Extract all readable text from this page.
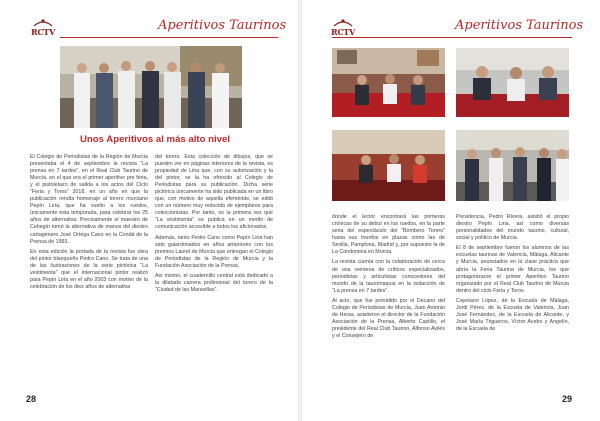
RCTV	Aperitivos Taurinos
Unos Aperitivos al más alto nivel

El Colegio de Periodistas de la Región de Murcia presentaba el 4 de septiembre la revista “La prensa en 7 tardes”, en el Real Club Taurino de Murcia, en el que era el primer aperitivo pre feria, y el pistoletazo de salida a los actos del Ciclo “Feria y Toros” 2018, en un año en que la publicación rendía homenaje al torero murciano Pepín Liria, que ha vuelto a los ruedos, únicamente esta temporada, para celebrar los 25 años de alternativa. Precisamente el maestro de Cehegín tomó la alternativa de manos del diestro cartagenero José Ortega Cano en la Condá de la Prensa de 1993.

En esta edición la portada de la revista fue obra del pintor blanqueño Pedro Cano. Se trata de una de las ilustraciones de la serie pictórica “La vestimenta” que el internacional pintor realizó para Pepín Liria en el año 2003 con motivo de la celebración de los diez años de alternativa

del torero. Esta colección de dibujos, que se pueden ver en páginas interiores de la revista, es propiedad de Liria que, con su autorización y la del pintor, se la ha ofrecido al Colegio de Periodistas para su publicación. Dicha serie pictórica únicamente ha sido publicada en un libro que, con motivo de aquella efeméride, se editó con un número muy reducido de ejemplares para coleccionistas. Por tanto, es la primera vez que “La vestimenta” se publica en un medio de comunicación accesible a todos los aficionados.

Además, tanto Pedro Cano como Pepín Liria han sido galardonados en años anteriores con los premios Laurel de Murcia que entregan el Colegio de Periodistas de la Región de Murcia y la Fundación Asociación de la Prensa.

Así mismo, el cuadernillo central está dedicado a la dilatada carrera profesional del torero de la “Ciudad de las Maravillas”.

28
RCTV	Aperitivos Taurinos

donde el lector encontrará las primeras crónicas de su debut en los ruedos, en la parte seria del espectáculo del “Bombero Torero” hasta sus triunfos en plazas como las de Sevilla, Pamplona, Madrid y, por supuesto la de La Condomina en Murcia.

La revista cuenta con la colaboración de cerca de una veintena de críticos especializados, periodistas y articulistas conocedores del mundo de la tauromaquia en la redacción de “La prensa en 7 tardes”.

Al acto, que fue presidido por el Decano del Colegio de Periodistas de Murcia, Juan Antonio de Heras, asistieron el director de la Fundación Asociación de la Prensa, Alberto Castillo, el presidente del Real Club Taurino, Alfonso Avilés y el Consejero de

Presidencia, Pedro Rivera, asistió el propio diestro Pepín Liria, así como diversas personalidades del mundo taurino, cultural, social y político de Murcia.

El 8 de septiembre fueron los alumnos de las escuelas taurinas de Valencia, Málaga, Alicante y Murcia, anunciados en la clase práctica que abría la Feria Taurina de Murcia, los que protagonizaron el primer Aperitivo Taurino organizado por el Real Club Taurino de Murcia dentro del ciclo Feria y Toros.

Cayetano López, de la Escuela de Málaga, Jordi Pérez, de la Escuela de Valencia, Juan José Fernández, de la Escuela de Alicante, y José María Trigueros, Víctor Acebo y Angelín, de la Escuela de

29
